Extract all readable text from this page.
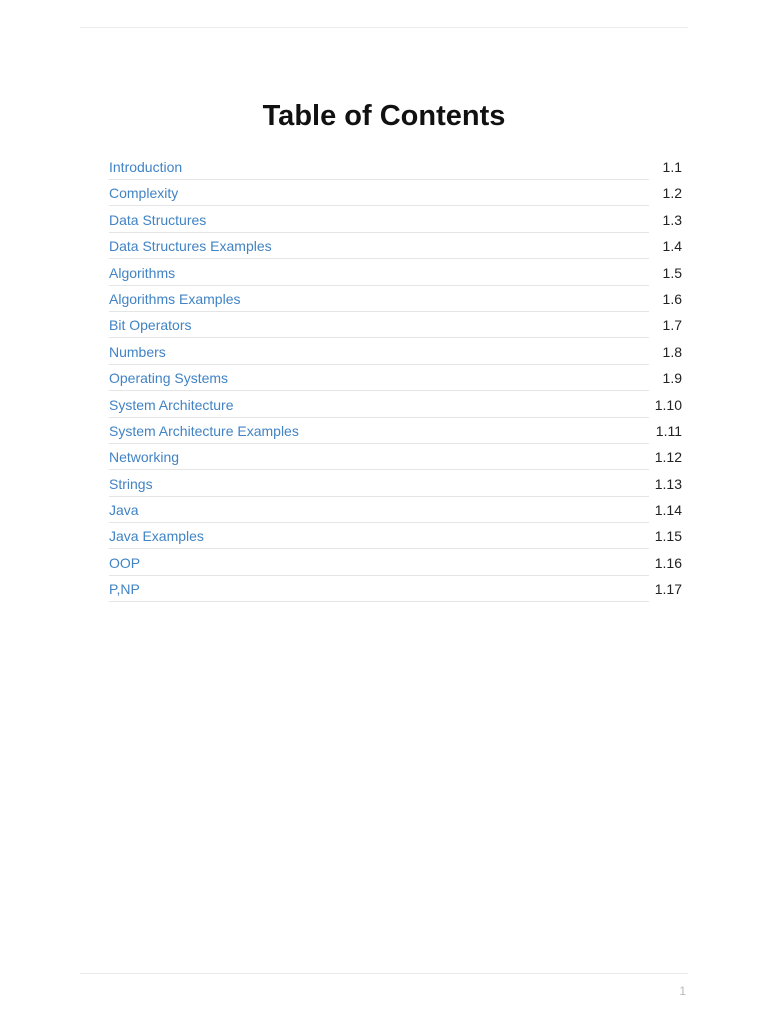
Table of Contents
Introduction	1.1
Complexity	1.2
Data Structures	1.3
Data Structures Examples	1.4
Algorithms	1.5
Algorithms Examples	1.6
Bit Operators	1.7
Numbers	1.8
Operating Systems	1.9
System Architecture	1.10
System Architecture Examples	1.11
Networking	1.12
Strings	1.13
Java	1.14
Java Examples	1.15
OOP	1.16
P,NP	1.17
1
